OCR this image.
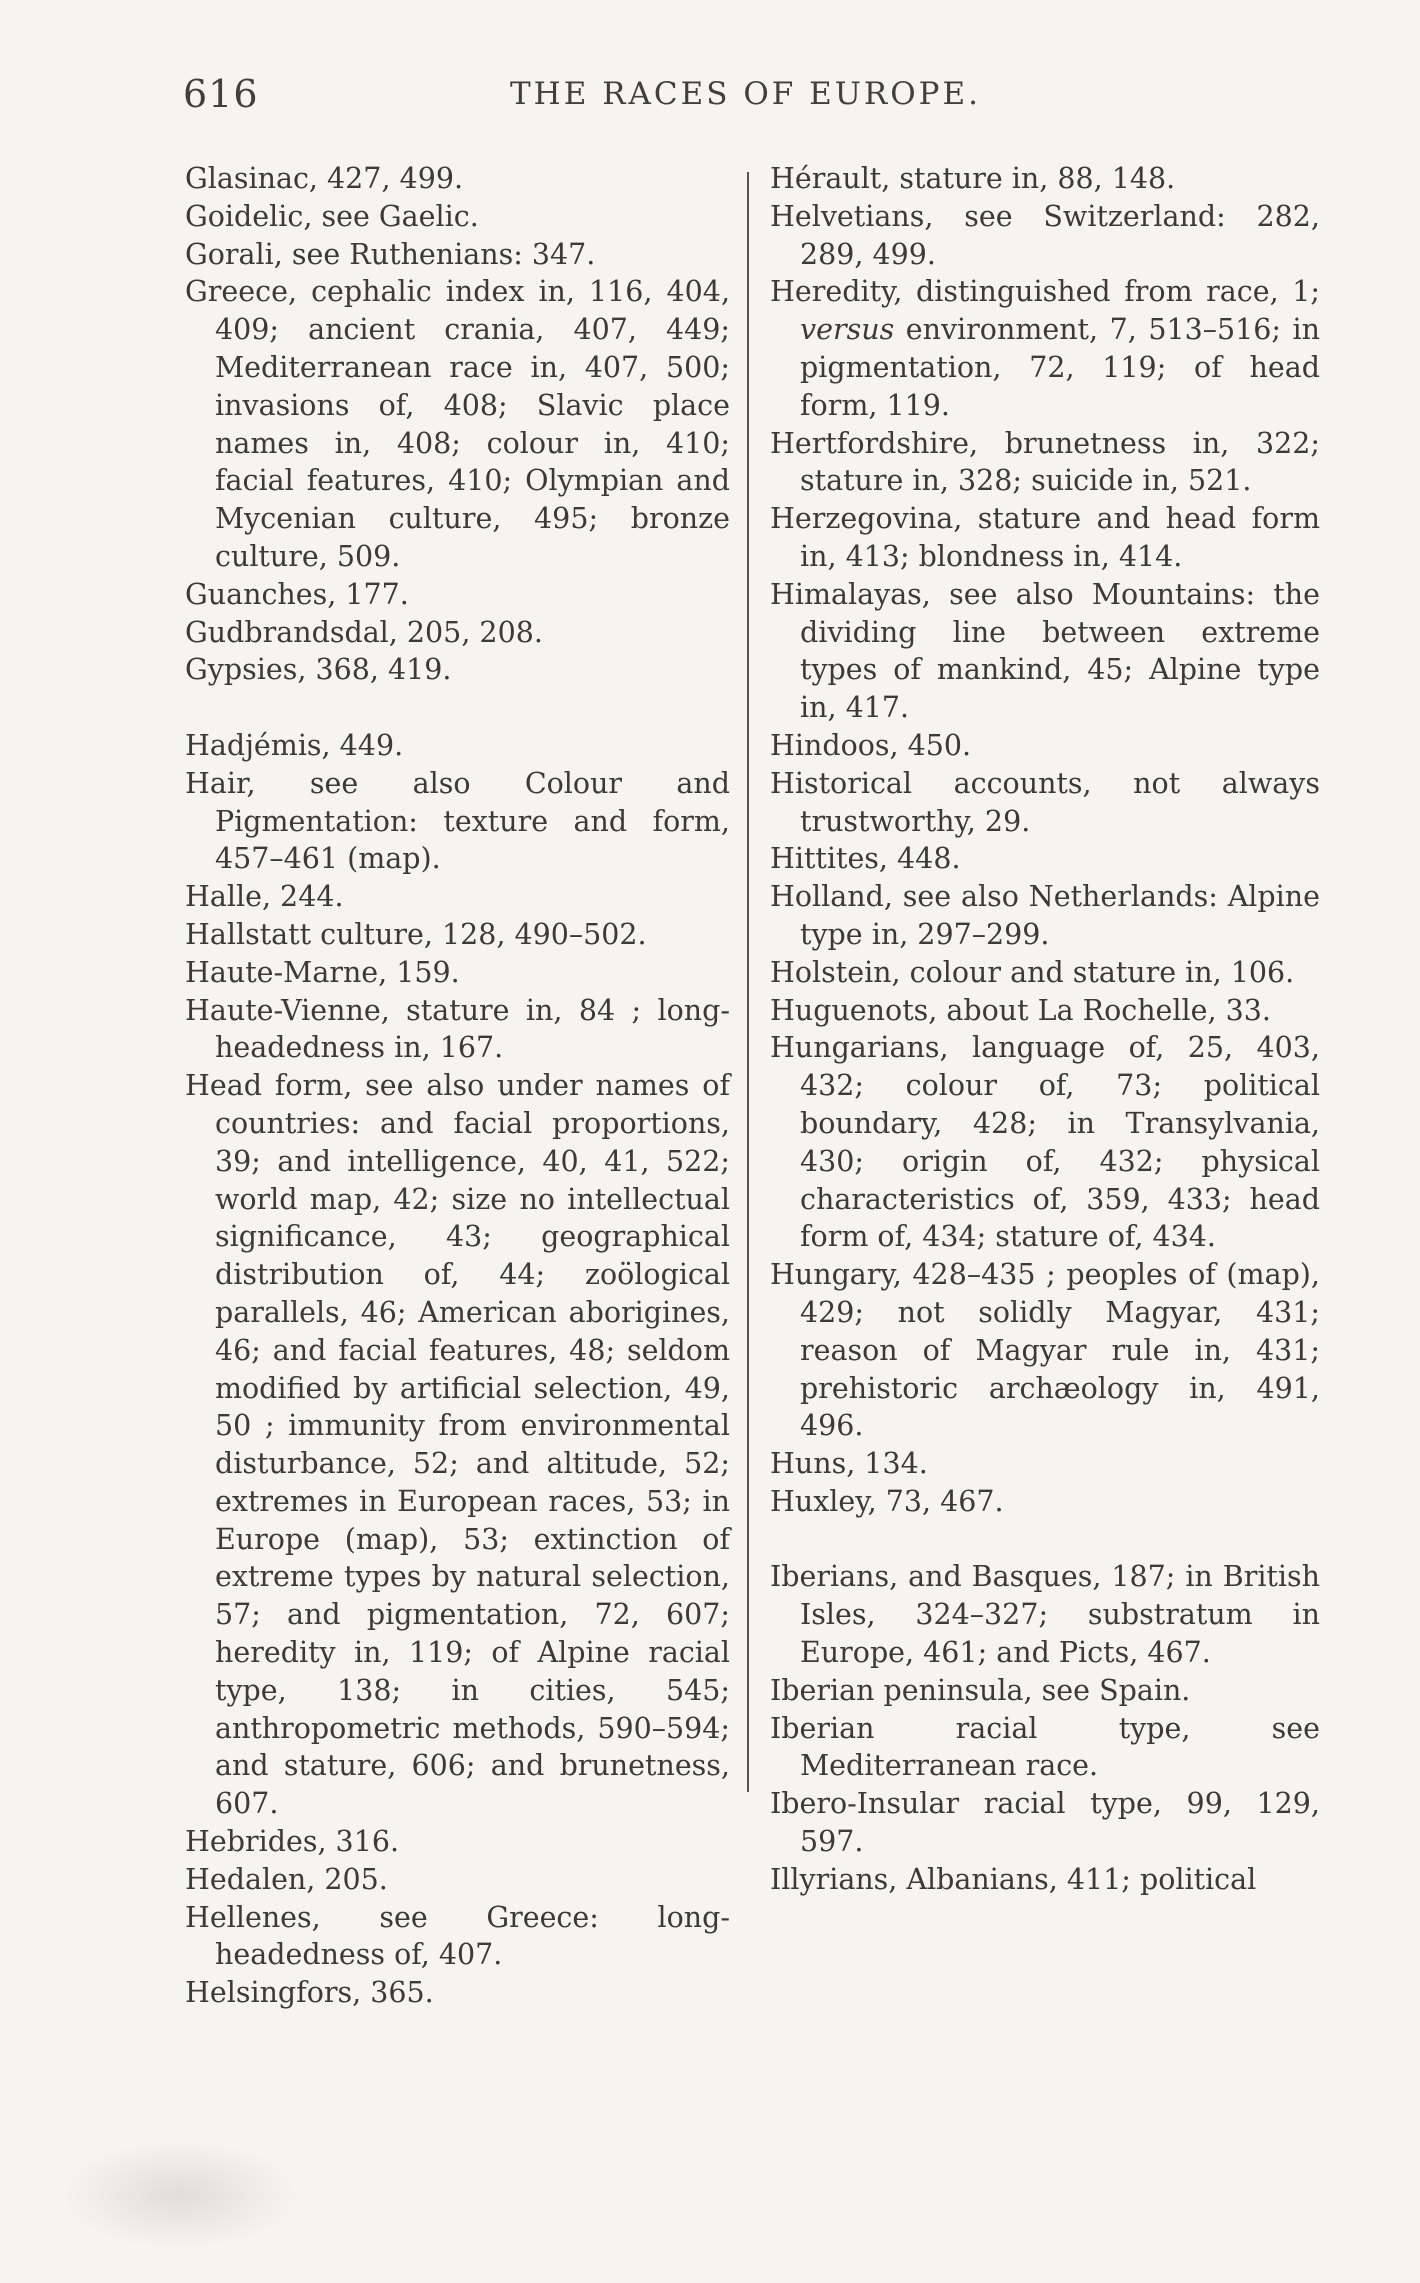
616	THE RACES OF EUROPE.

Glasinac, 427, 499.

Goidelic, see Gaelic.

Gorali, see Ruthenians: 347.

Greece, cephalic index in, 116, 404, 409; ancient crania, 407, 449; Mediterranean race in, 407, 500; invasions of, 408; Slavic place names in, 408; colour in, 410; facial features, 410; Olympian and Mycenian culture, 495; bronze culture, 509.

Guanches, 177.

Gudbrandsdal, 205, 208.

Gypsies, 368, 419.

Hadjémis, 449.

Hair, see also Colour and Pigmentation: texture and form, 457–461 (map).

Halle, 244.

Hallstatt culture, 128, 490–502.

Haute-Marne, 159.

Haute-Vienne, stature in, 84 ; long-headedness in, 167.

Head form, see also under names of countries: and facial proportions, 39; and intelligence, 40, 41, 522; world map, 42; size no intellectual significance, 43; geographical distribution of, 44; zoölogical parallels, 46; American aborigines, 46; and facial features, 48; seldom modified by artificial selection, 49, 50 ; immunity from environmental disturbance, 52; and altitude, 52; extremes in European races, 53; in Europe (map), 53; extinction of extreme types by natural selection, 57; and pigmentation, 72, 607; heredity in, 119; of Alpine racial type, 138; in cities, 545; anthropometric methods, 590–594; and stature, 606; and brunetness, 607.

Hebrides, 316.

Hedalen, 205.

Hellenes, see Greece: long-headedness of, 407.

Helsingfors, 365.

Hérault, stature in, 88, 148.

Helvetians, see Switzerland: 282, 289, 499.

Heredity, distinguished from race, 1; versus environment, 7, 513–516; in pigmentation, 72, 119; of head form, 119.

Hertfordshire, brunetness in, 322; stature in, 328; suicide in, 521.

Herzegovina, stature and head form in, 413; blondness in, 414.

Himalayas, see also Mountains: the dividing line between extreme types of mankind, 45; Alpine type in, 417.

Hindoos, 450.

Historical accounts, not always trustworthy, 29.

Hittites, 448.

Holland, see also Netherlands: Alpine type in, 297–299.

Holstein, colour and stature in, 106.

Huguenots, about La Rochelle, 33.

Hungarians, language of, 25, 403, 432; colour of, 73; political boundary, 428; in Transylvania, 430; origin of, 432; physical characteristics of, 359, 433; head form of, 434; stature of, 434.

Hungary, 428–435 ; peoples of (map), 429; not solidly Magyar, 431; reason of Magyar rule in, 431; prehistoric archæology in, 491, 496.

Huns, 134.

Huxley, 73, 467.

Iberians, and Basques, 187; in British Isles, 324–327; substratum in Europe, 461; and Picts, 467.

Iberian peninsula, see Spain.

Iberian racial type, see Mediterranean race.

Ibero-Insular racial type, 99, 129, 597.

Illyrians, Albanians, 411; political
